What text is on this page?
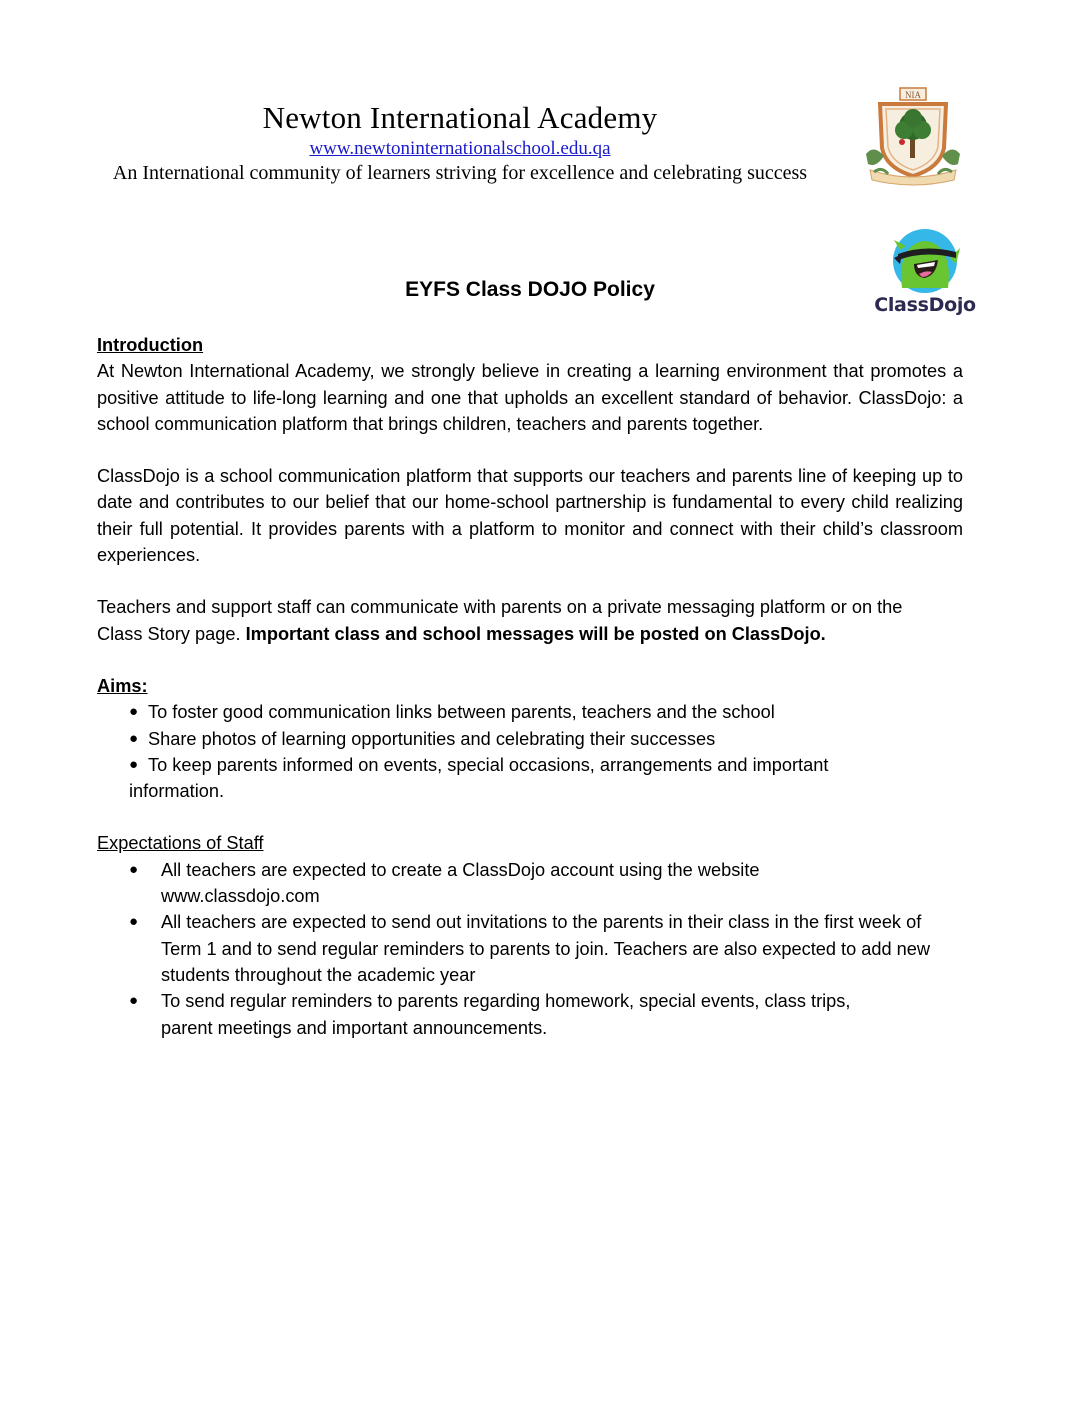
Newton International Academy
www.newtoninternationalschool.edu.qa
An International community of learners striving for excellence and celebrating success
NIA
ClassDojo
EYFS Class DOJO Policy
Introduction

At Newton International Academy, we strongly believe in creating a learning environment that promotes a positive attitude to life-long learning and one that upholds an excellent standard of behavior. ClassDojo: a school communication platform that brings children, teachers and parents together.

ClassDojo is a school communication platform that supports our teachers and parents line of keeping up to date and contributes to our belief that our home-school partnership is fundamental to every child realizing their full potential. It provides parents with a platform to monitor and connect with their child’s classroom experiences.

Teachers and support staff can communicate with parents on a private messaging platform or on the Class Story page. Important class and school messages will be posted on ClassDojo.

Aims:
● To foster good communication links between parents, teachers and the school
● Share photos of learning opportunities and celebrating their successes
● To keep parents informed on events, special occasions, arrangements and important
information.
Expectations of Staff
● All teachers are expected to create a ClassDojo account using the website www.classdojo.com
● All teachers are expected to send out invitations to the parents in their class in the first week of Term 1 and to send regular reminders to parents to join. Teachers are also expected to add new students throughout the academic year
● To send regular reminders to parents regarding homework, special events, class trips, parent meetings and important announcements.
